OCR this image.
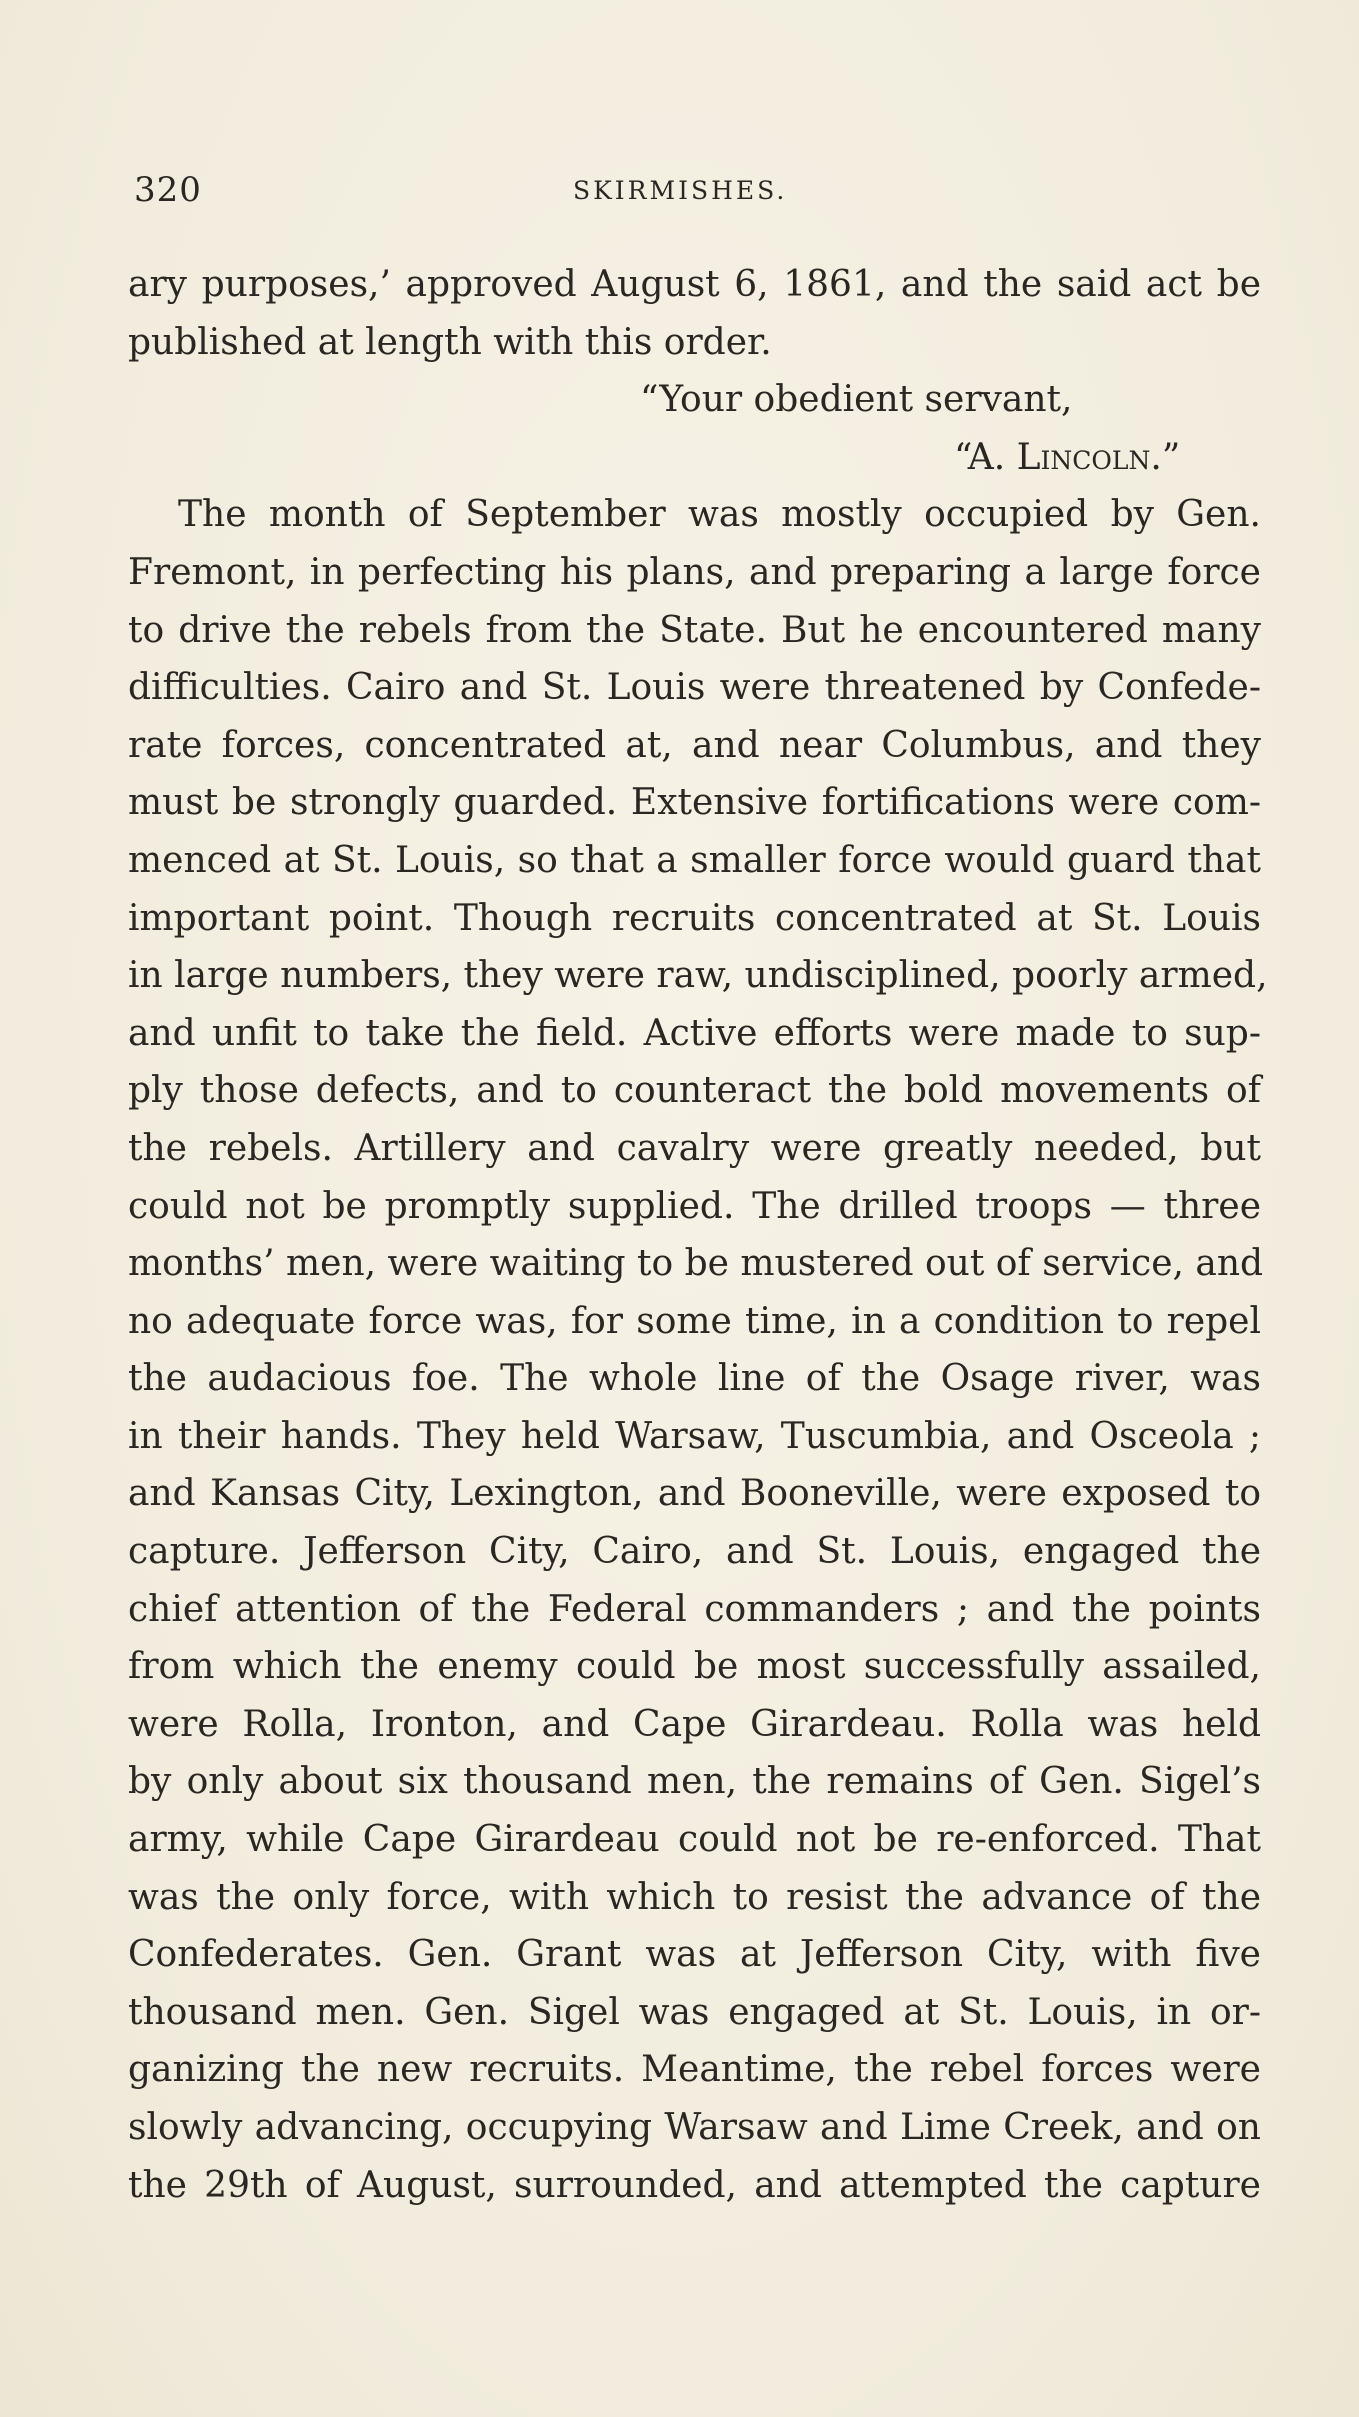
320	SKIRMISHES.
ary purposes,’ approved August 6, 1861, and the said act be
published at length with this order.
“Your obedient servant,
“A. Lincoln.”
The month of September was mostly occupied by Gen.
Fremont, in perfecting his plans, and preparing a large force
to drive the rebels from the State. But he encountered many
difficulties. Cairo and St. Louis were threatened by Confede-
rate forces, concentrated at, and near Columbus, and they
must be strongly guarded. Extensive fortifications were com-
menced at St. Louis, so that a smaller force would guard that
important point. Though recruits concentrated at St. Louis
in large numbers, they were raw, undisciplined, poorly armed,
and unfit to take the field. Active efforts were made to sup-
ply those defects, and to counteract the bold movements of
the rebels. Artillery and cavalry were greatly needed, but
could not be promptly supplied. The drilled troops — three
months’ men, were waiting to be mustered out of service, and
no adequate force was, for some time, in a condition to repel
the audacious foe. The whole line of the Osage river, was
in their hands. They held Warsaw, Tuscumbia, and Osceola ;
and Kansas City, Lexington, and Booneville, were exposed to
capture. Jefferson City, Cairo, and St. Louis, engaged the
chief attention of the Federal commanders ; and the points
from which the enemy could be most successfully assailed,
were Rolla, Ironton, and Cape Girardeau. Rolla was held
by only about six thousand men, the remains of Gen. Sigel’s
army, while Cape Girardeau could not be re-enforced. That
was the only force, with which to resist the advance of the
Confederates. Gen. Grant was at Jefferson City, with five
thousand men. Gen. Sigel was engaged at St. Louis, in or-
ganizing the new recruits. Meantime, the rebel forces were
slowly advancing, occupying Warsaw and Lime Creek, and on
the 29th of August, surrounded, and attempted the capture
